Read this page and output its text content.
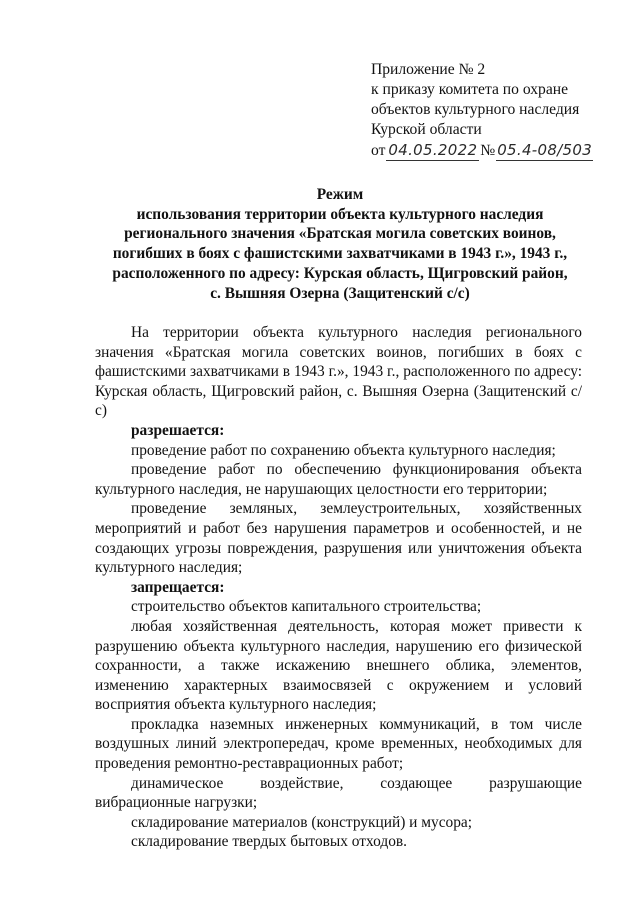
Приложение № 2
к приказу комитета по охране
объектов культурного наследия
Курской области
от 04.05.2022 № 05.4-08/503
Режим
использования территории объекта культурного наследия
регионального значения «Братская могила советских воинов,
погибших в боях с фашистскими захватчиками в 1943 г.», 1943 г.,
расположенного по адресу: Курская область, Щигровский район,
с. Вышняя Озерна (Защитенский с/с)

На территории объекта культурного наследия регионального значения «Братская могила советских воинов, погибших в боях с фашистскими захватчиками в 1943 г.», 1943 г., расположенного по адресу: Курская область, Щигровский район, с. Вышняя Озерна (Защитенский с/с)

разрешается:

проведение работ по сохранению объекта культурного наследия;

проведение работ по обеспечению функционирования объекта культурного наследия, не нарушающих целостности его территории;

проведение земляных, землеустроительных, хозяйственных мероприятий и работ без нарушения параметров и особенностей, и не создающих угрозы повреждения, разрушения или уничтожения объекта культурного наследия;

запрещается:

строительство объектов капитального строительства;

любая хозяйственная деятельность, которая может привести к разрушению объекта культурного наследия, нарушению его физической сохранности, а также искажению внешнего облика, элементов, изменению характерных взаимосвязей с окружением и условий восприятия объекта культурного наследия;

прокладка наземных инженерных коммуникаций, в том числе воздушных линий электропередач, кроме временных, необходимых для проведения ремонтно-реставрационных работ;

динамическое воздействие, создающее разрушающие вибрационные нагрузки;

складирование материалов (конструкций) и мусора;

складирование твердых бытовых отходов.
